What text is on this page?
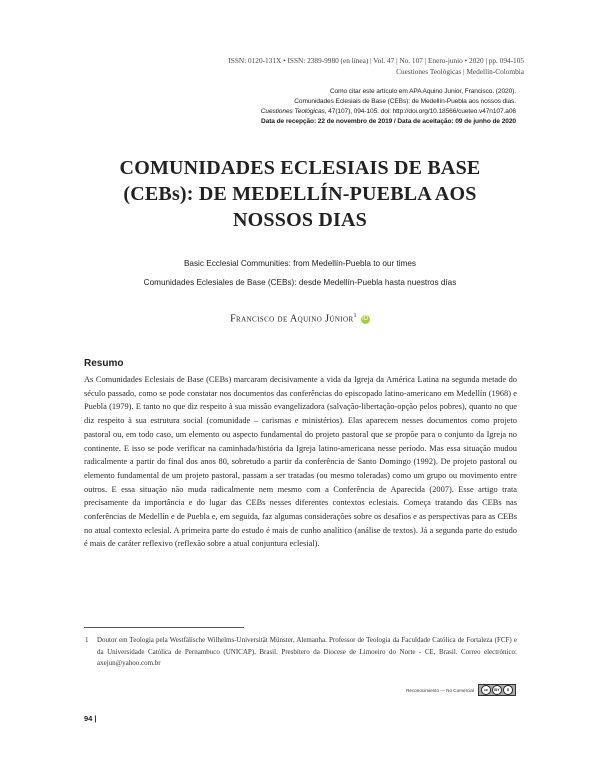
ISSN: 0120-131X • ISSN: 2389-9980 (en línea) | Vol. 47 | No. 107 | Enero-junio • 2020 | pp. 094-105
Cuestiones Teológicas | Medellín-Colombia
Como citar este artículo em APA Aquino Junior, Francisco. (2020).
Comunidades Eclesiais de Base (CEBs): de Medellín-Puebla aos nossos dias.
Cuestiones Teológicas, 47(107), 094-105. doi: http://doi.org/10.18566/cueteo.v47n107.a06
Data de recepção: 22 de novembro de 2019 / Data de aceitação: 09 de junho de 2020
COMUNIDADES ECLESIAIS DE BASE
(CEBs): DE MEDELLÍN-PUEBLA AOS
NOSSOS DIAS
Basic Ecclesial Communities: from Medellín-Puebla to our times
Comunidades Eclesiales de Base (CEBs): desde Medellín-Puebla hasta nuestros días
Francisco de Aquino Júnior$^1$ iD
Resumo
As Comunidades Eclesiais de Base (CEBs) marcaram decisivamente a vida da Igreja da América Latina na segunda metade do século passado, como se pode constatar nos documentos das conferências do episcopado latino-americano em Medellín (1968) e Puebla (1979). E tanto no que diz respeito à sua missão evangelizadora (salvação-libertação-opção pelos pobres), quanto no que diz respeito à sua estrutura social (comunidade – carismas e ministérios). Elas aparecem nesses documentos como projeto pastoral ou, em todo caso, um elemento ou aspecto fundamental do projeto pastoral que se propõe para o conjunto da Igreja no continente. E isso se pode verificar na caminhada/história da Igreja latino-americana nesse período. Mas essa situação mudou radicalmente a partir do final dos anos 80, sobretudo a partir da conferência de Santo Domingo (1992). De projeto pastoral ou elemento fundamental de um projeto pastoral, passam a ser tratadas (ou mesmo toleradas) como um grupo ou movimento entre outros. E essa situação não muda radicalmente nem mesmo com a Conferência de Aparecida (2007). Esse artigo trata precisamente da importância e do lugar das CEBs nesses diferentes contextos eclesiais. Começa tratando das CEBs nas conferências de Medellín e de Puebla e, em seguida, faz algumas considerações sobre os desafios e as perspectivas para as CEBs no atual contexto eclesial. A primeira parte do estudo é mais de cunho analítico (análise de textos). Já a segunda parte do estudo é mais de caráter reflexivo (reflexão sobre a atual conjuntura eclesial).
1 Doutor em Teologia pela Westfälische Wilhelms-Universität Münster, Alemanha. Professor de Teologia da Faculdade Católica de Fortaleza (FCF) e da Universidade Católica de Pernambuco (UNICAP), Brasil. Presbítero da Diocese de Limoeiro do Norte - CE, Brasil. Correo electrónico: axejun@yahoo.com.br
Reconocimiento — No Comercial	cc	BY	$
94 |
